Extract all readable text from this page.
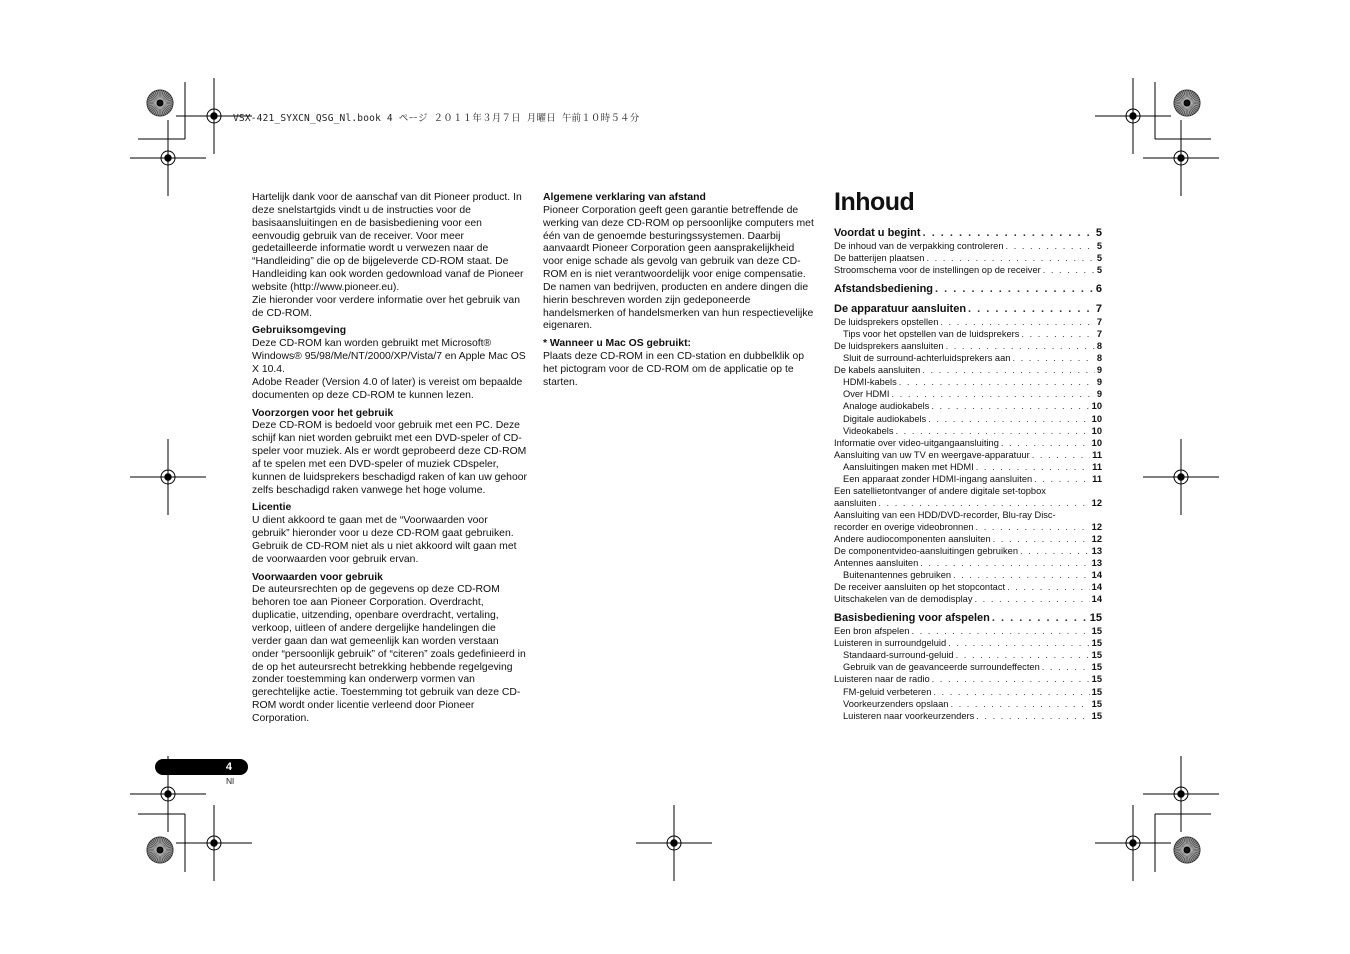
VSX-421_SYXCN_QSG_Nl.book 4 ページ ２０１１年３月７日 月曜日 午前１０時５４分

Hartelijk dank voor de aanschaf van dit Pioneer product. In deze snelstartgids vindt u de instructies voor de basisaansluitingen en de basisbediening voor een eenvoudig gebruik van de receiver. Voor meer gedetailleerde informatie wordt u verwezen naar de “Handleiding” die op de bijgeleverde CD-ROM staat. De Handleiding kan ook worden gedownload vanaf de Pioneer website (http://www.pioneer.eu).

Zie hieronder voor verdere informatie over het gebruik van de CD-ROM.

Gebruiksomgeving

Deze CD-ROM kan worden gebruikt met Microsoft® Windows® 95/98/Me/NT/2000/XP/Vista/7 en Apple Mac OS X 10.4.

Adobe Reader (Version 4.0 of later) is vereist om bepaalde documenten op deze CD-ROM te kunnen lezen.

Voorzorgen voor het gebruik

Deze CD-ROM is bedoeld voor gebruik met een PC. Deze schijf kan niet worden gebruikt met een DVD-speler of CD-speler voor muziek. Als er wordt geprobeerd deze CD-ROM af te spelen met een DVD-speler of muziek CDspeler, kunnen de luidsprekers beschadigd raken of kan uw gehoor zelfs beschadigd raken vanwege het hoge volume.

Licentie

U dient akkoord te gaan met de “Voorwaarden voor gebruik” hieronder voor u deze CD-ROM gaat gebruiken. Gebruik de CD-ROM niet als u niet akkoord wilt gaan met de voorwaarden voor gebruik ervan.

Voorwaarden voor gebruik

De auteursrechten op de gegevens op deze CD-ROM behoren toe aan Pioneer Corporation. Overdracht, duplicatie, uitzending, openbare overdracht, vertaling, verkoop, uitleen of andere dergelijke handelingen die verder gaan dan wat gemeenlijk kan worden verstaan onder “persoonlijk gebruik” of “citeren” zoals gedefinieerd in de op het auteursrecht betrekking hebbende regelgeving zonder toestemming kan onderwerp vormen van gerechtelijke actie. Toestemming tot gebruik van deze CD-ROM wordt onder licentie verleend door Pioneer Corporation.

Algemene verklaring van afstand

Pioneer Corporation geeft geen garantie betreffende de werking van deze CD-ROM op persoonlijke computers met één van de genoemde besturingssystemen. Daarbij aanvaardt Pioneer Corporation geen aansprakelijkheid voor enige schade als gevolg van gebruik van deze CD-ROM en is niet verantwoordelijk voor enige compensatie. De namen van bedrijven, producten en andere dingen die hierin beschreven worden zijn gedeponeerde handelsmerken of handelsmerken van hun respectievelijke eigenaren.

* Wanneer u Mac OS gebruikt:

Plaats deze CD-ROM in een CD-station en dubbelklik op het pictogram voor de CD-ROM om de applicatie op te starten.

Inhoud
Voordat u begint . . .	5
De inhoud van de verpakking controleren . . .	5
De batterijen plaatsen . . .	5
Stroomschema voor de instellingen op de receiver . . .	5
Afstandsbediening . . .	6
De apparatuur aansluiten . . .	7
De luidsprekers opstellen . . .	7
Tips voor het opstellen van de luidsprekers . . .	7
De luidsprekers aansluiten . . .	8
Sluit de surround-achterluidsprekers aan . . .	8
De kabels aansluiten . . .	9
HDMI-kabels . . .	9
Over HDMI . . .	9
Analoge audiokabels . . .	10
Digitale audiokabels . . .	10
Videokabels . . .	10
Informatie over video-uitgangaansluiting . . .	10
Aansluiting van uw TV en weergave-apparatuur . . .	11
Aansluitingen maken met HDMI . . .	11
Een apparaat zonder HDMI-ingang aansluiten . . .	11
Een satellietontvanger of andere digitale set-topbox
aansluiten . . .	12
Aansluiting van een HDD/DVD-recorder, Blu-ray Disc-
recorder en overige videobronnen . . .	12
Andere audiocomponenten aansluiten . . .	12
De componentvideo-aansluitingen gebruiken . . .	13
Antennes aansluiten . . .	13
Buitenantennes gebruiken . . .	14
De receiver aansluiten op het stopcontact . . .	14
Uitschakelen van de demodisplay . . .	14
Basisbediening voor afspelen . . .	15
Een bron afspelen . . .	15
Luisteren in surroundgeluid . . .	15
Standaard-surround-geluid . . .	15
Gebruik van de geavanceerde surroundeffecten . . .	15
Luisteren naar de radio . . .	15
FM-geluid verbeteren . . .	15
Voorkeurzenders opslaan . . .	15
Luisteren naar voorkeurzenders . . .	15
4
Nl
